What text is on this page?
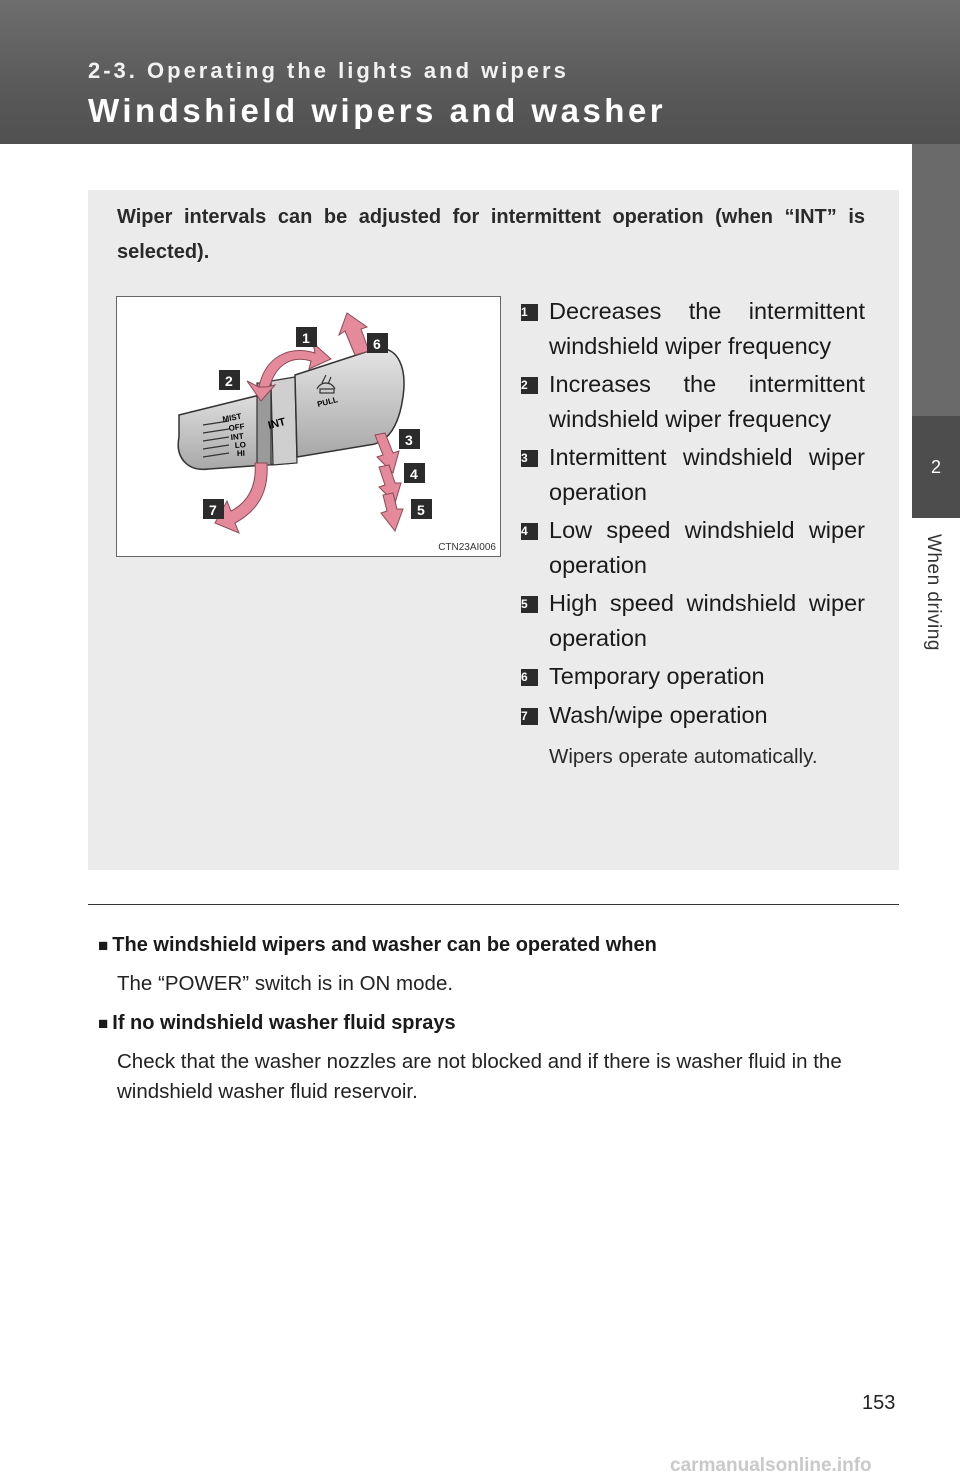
2-3. Operating the lights and wipers
Windshield wipers and washer
2
When driving
Wiper intervals can be adjusted for intermittent operation (when “INT” is selected).
MIST
OFF
INT
LO
HI
INT
PULL
1
2
3
4
5
6
7
CTN23AI006
1 Decreases the intermittent windshield wiper frequency
2 Increases the intermittent windshield wiper frequency
3 Intermittent windshield wiper operation
4 Low speed windshield wiper operation
5 High speed windshield wiper operation
6 Temporary operation
7 Wash/wipe operation
Wipers operate automatically.
■ The windshield wipers and washer can be operated when
The “POWER” switch is in ON mode.
■ If no windshield washer fluid sprays
Check that the washer nozzles are not blocked and if there is washer fluid in the windshield washer fluid reservoir.
153
carmanualsonline.info
